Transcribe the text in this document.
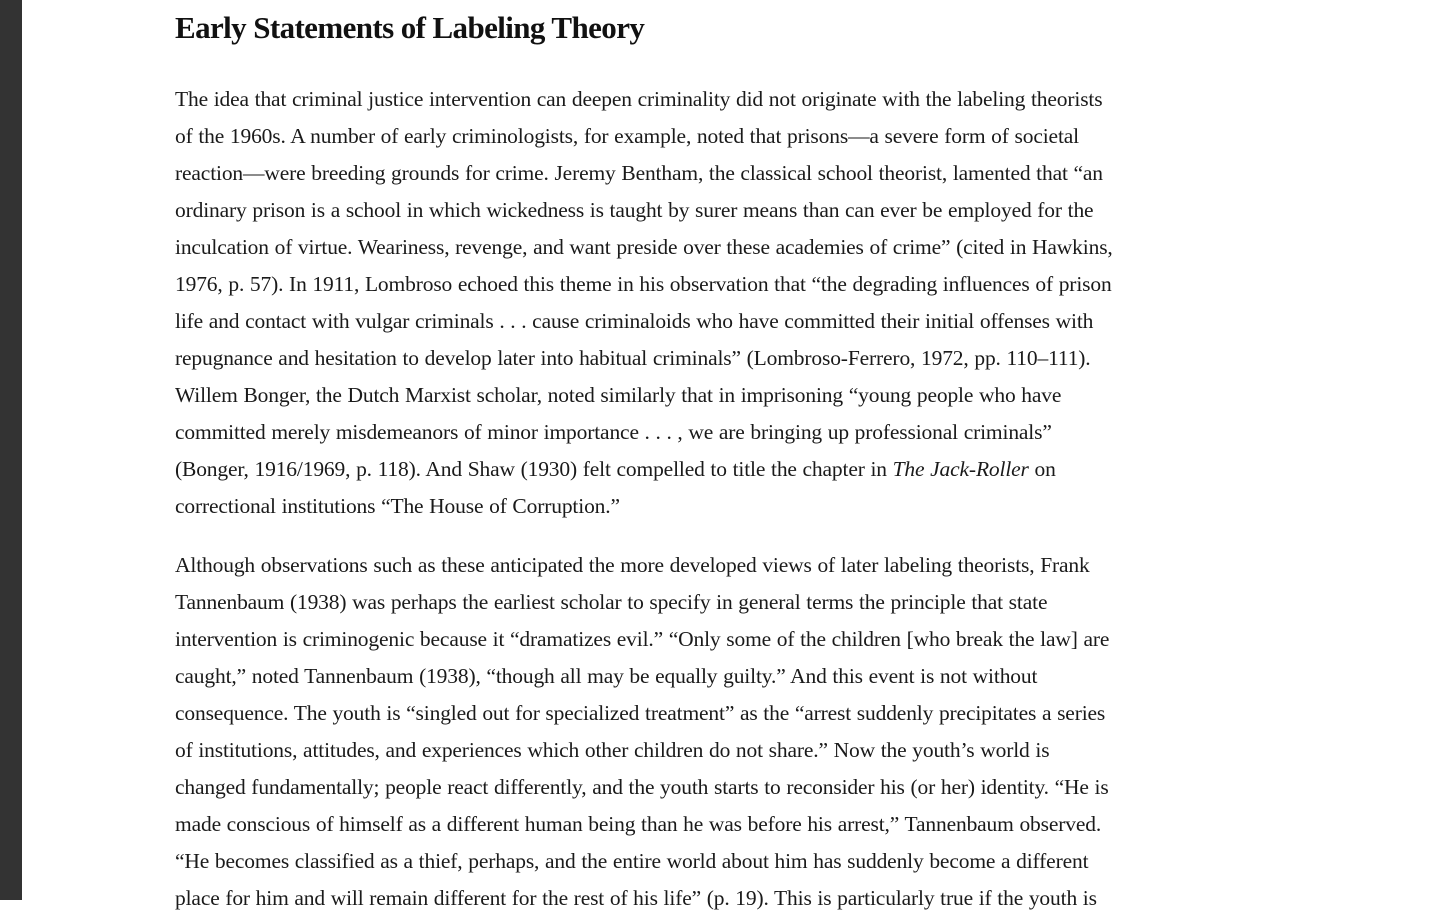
Early Statements of Labeling Theory

The idea that criminal justice intervention can deepen criminality did not originate with the labeling theorists
of the 1960s. A number of early criminologists, for example, noted that prisons—a severe form of societal
reaction—were breeding grounds for crime. Jeremy Bentham, the classical school theorist, lamented that “an
ordinary prison is a school in which wickedness is taught by surer means than can ever be employed for the
inculcation of virtue. Weariness, revenge, and want preside over these academies of crime” (cited in Hawkins,
1976, p. 57). In 1911, Lombroso echoed this theme in his observation that “the degrading influences of prison
life and contact with vulgar criminals . . . cause criminaloids who have committed their initial offenses with
repugnance and hesitation to develop later into habitual criminals” (Lombroso-Ferrero, 1972, pp. 110–111).
Willem Bonger, the Dutch Marxist scholar, noted similarly that in imprisoning “young people who have
committed merely misdemeanors of minor importance . . . , we are bringing up professional criminals”
(Bonger, 1916/1969, p. 118). And Shaw (1930) felt compelled to title the chapter in The Jack-Roller on
correctional institutions “The House of Corruption.”

Although observations such as these anticipated the more developed views of later labeling theorists, Frank
Tannenbaum (1938) was perhaps the earliest scholar to specify in general terms the principle that state
intervention is criminogenic because it “dramatizes evil.” “Only some of the children [who break the law] are
caught,” noted Tannenbaum (1938), “though all may be equally guilty.” And this event is not without
consequence. The youth is “singled out for specialized treatment” as the “arrest suddenly precipitates a series
of institutions, attitudes, and experiences which other children do not share.” Now the youth’s world is
changed fundamentally; people react differently, and the youth starts to reconsider his (or her) identity. “He is
made conscious of himself as a different human being than he was before his arrest,” Tannenbaum observed.
“He becomes classified as a thief, perhaps, and the entire world about him has suddenly become a different
place for him and will remain different for the rest of his life” (p. 19). This is particularly true if the youth is
